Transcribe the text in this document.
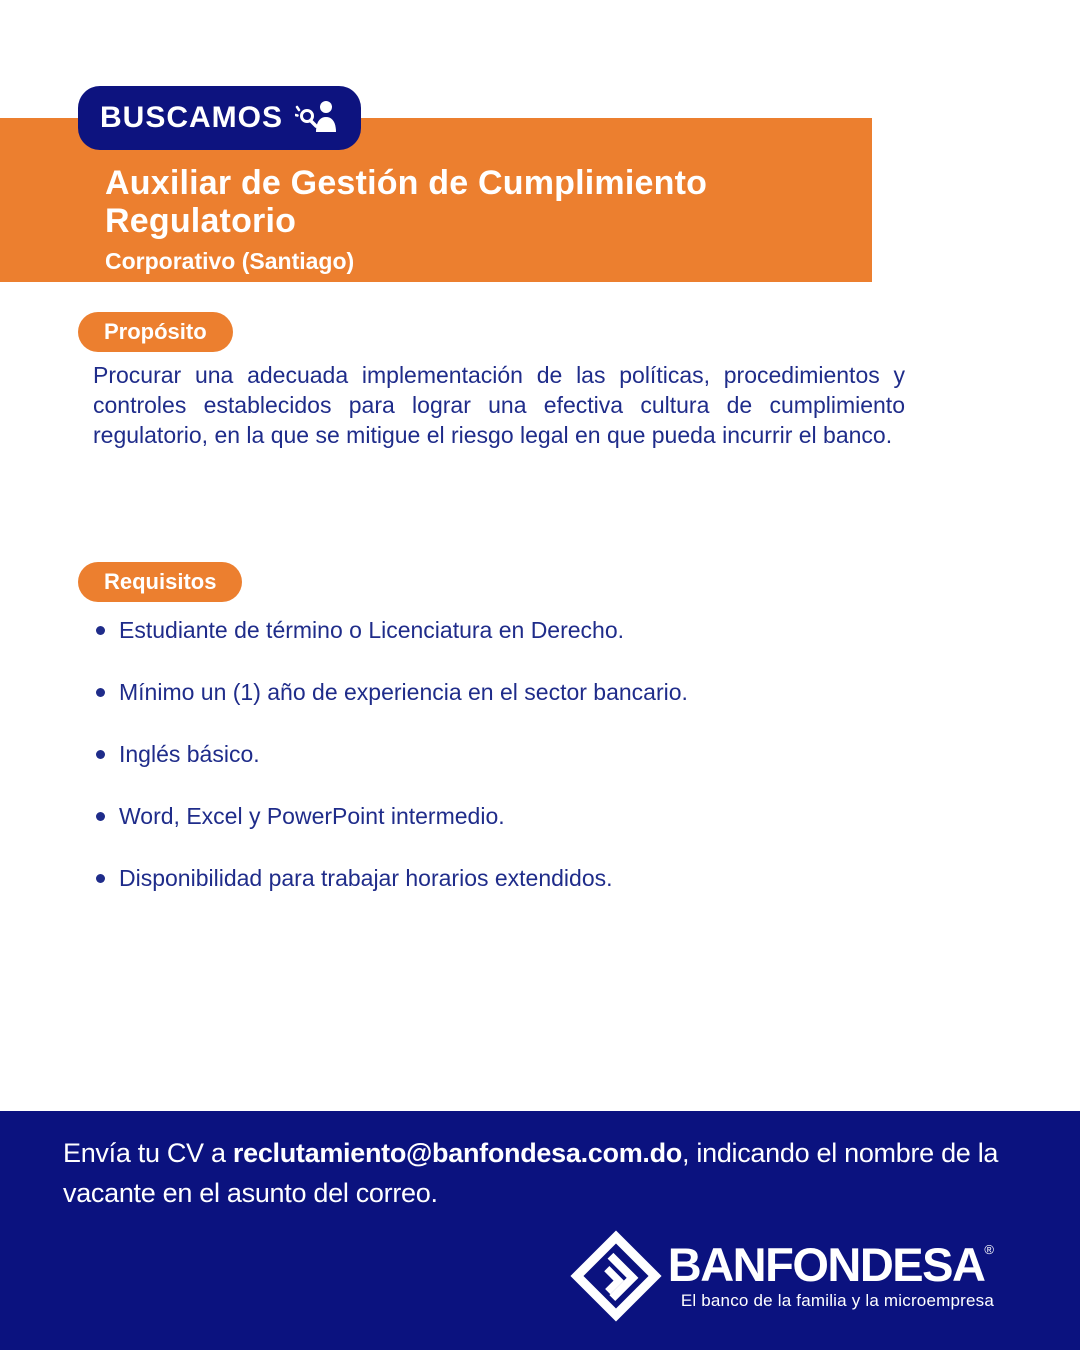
BUSCAMOS
Auxiliar de Gestión de Cumplimiento Regulatorio
Corporativo (Santiago)
Propósito

Procurar una adecuada implementación de las políticas, procedimientos y controles establecidos para lograr una efectiva cultura de cumplimiento regulatorio, en la que se mitigue el riesgo legal en que pueda incurrir el banco.

Requisitos
Estudiante de término o Licenciatura en Derecho.
Mínimo un (1) año de experiencia en el sector bancario.
Inglés básico.
Word, Excel y PowerPoint intermedio.
Disponibilidad para trabajar horarios extendidos.

Envía tu CV a reclutamiento@banfondesa.com.do, indicando el nombre de la vacante en el asunto del correo.

BANFONDESA ®
El banco de la familia y la microempresa
